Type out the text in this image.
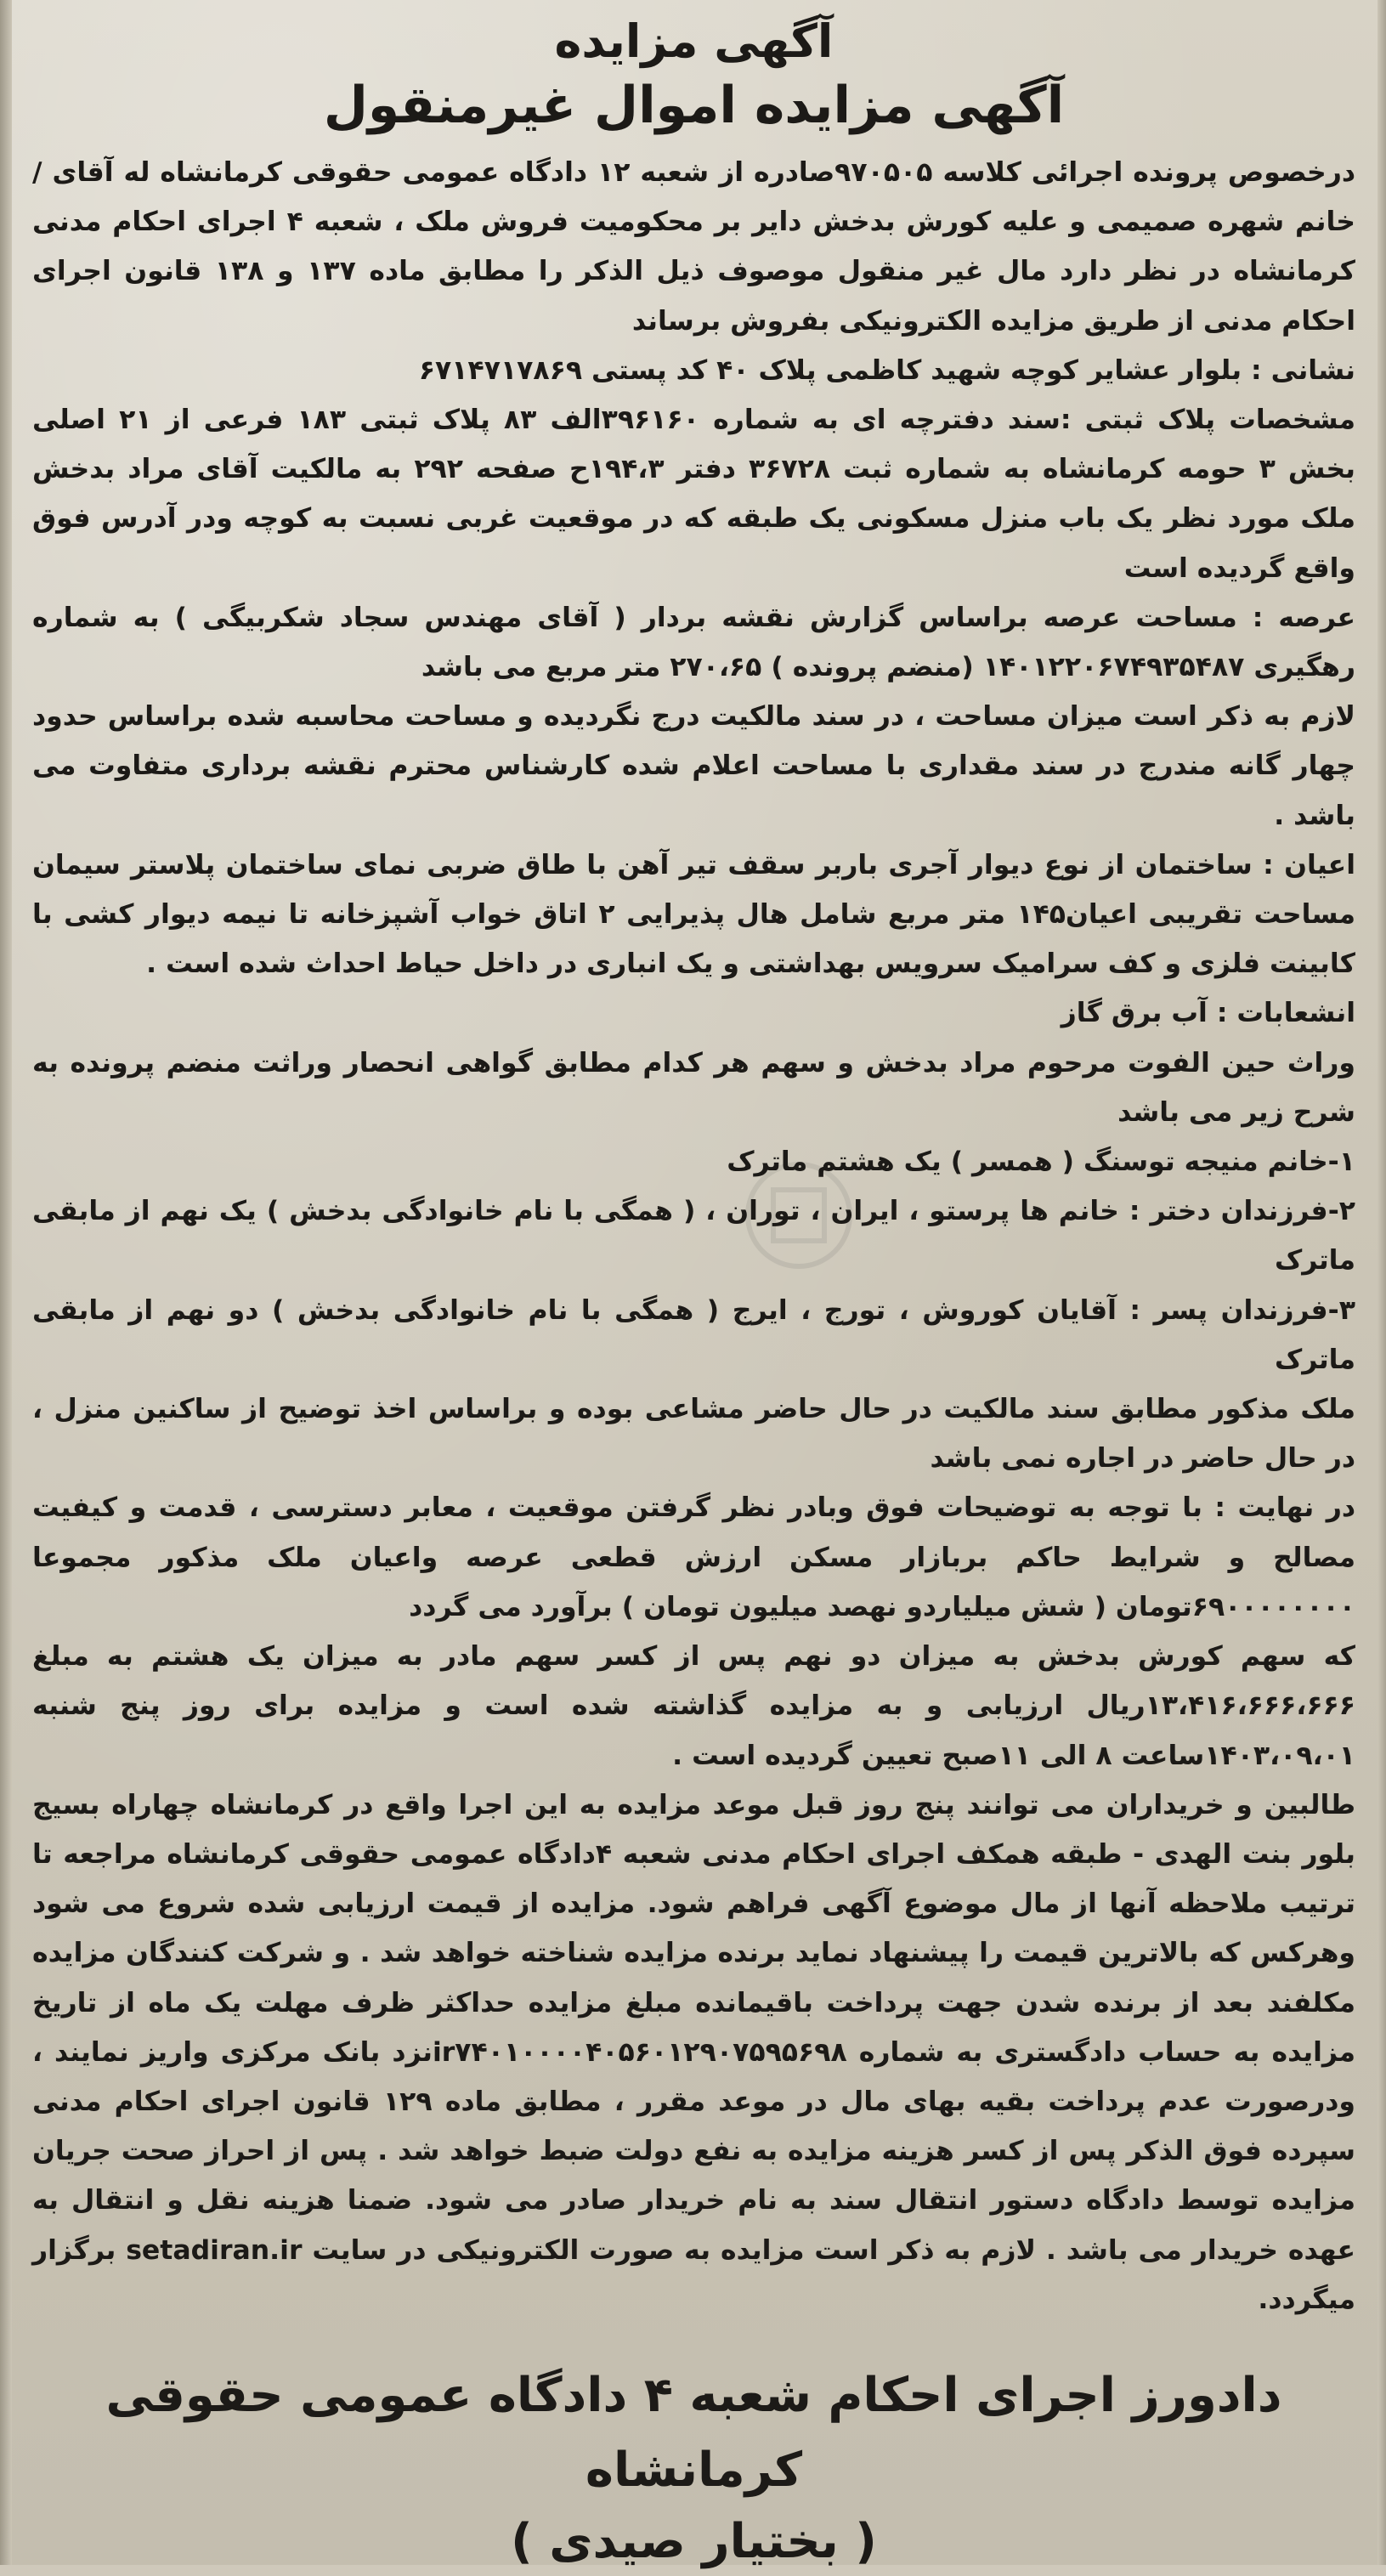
آگهی مزایده
آگهی مزایده اموال غیرمنقول

درخصوص پرونده اجرائی کلاسه ۹۷۰۵۰۵صادره از شعبه ۱۲ دادگاه عمومی حقوقی کرمانشاه له آقای / خانم شهره صمیمی و علیه کورش بدخش دایر بر محکومیت فروش ملک ، شعبه ۴ اجرای احکام مدنی کرمانشاه در نظر دارد مال غیر منقول موصوف ذیل الذکر را مطابق ماده ۱۳۷ و ۱۳۸ قانون اجرای احکام مدنی از طریق مزایده الکترونیکی بفروش برساند

نشانی : بلوار عشایر کوچه شهید کاظمی پلاک ۴۰ کد پستی ۶۷۱۴۷۱۷۸۶۹

مشخصات پلاک ثبتی :سند دفترچه ای به شماره ۳۹۶۱۶۰الف ۸۳ پلاک ثبتی ۱۸۳ فرعی از ۲۱ اصلی بخش ۳ حومه کرمانشاه به شماره ثبت ۳۶۷۲۸ دفتر ۱۹۴،۳ح صفحه ۲۹۲ به مالکیت آقای مراد بدخش ملک مورد نظر یک باب منزل مسکونی یک طبقه که در موقعیت غربی نسبت به کوچه ودر آدرس فوق واقع گردیده است

عرصه : مساحت عرصه براساس گزارش نقشه بردار ( آقای مهندس سجاد شکربیگی ) به شماره رهگیری ۱۴۰۱۲۲۰۶۷۴۹۳۵۴۸۷ (منضم پرونده ) ۲۷۰،۶۵ متر مربع می باشد

لازم به ذکر است میزان مساحت ، در سند مالکیت درج نگردیده و مساحت محاسبه شده براساس حدود چهار گانه مندرج در سند مقداری با مساحت اعلام شده کارشناس محترم نقشه برداری متفاوت می باشد .

اعیان : ساختمان از نوع دیوار آجری باربر سقف تیر آهن با طاق ضربی نمای ساختمان پلاستر سیمان مساحت تقریبی اعیان۱۴۵ متر مربع شامل هال پذیرایی ۲ اتاق خواب آشپزخانه تا نیمه دیوار کشی با کابینت فلزی و کف سرامیک سرویس بهداشتی و یک انباری در داخل حیاط احداث شده است .

انشعابات : آب برق گاز

وراث حین الفوت مرحوم مراد بدخش و سهم هر کدام مطابق گواهی انحصار وراثت منضم پرونده به شرح زیر می باشد

۱-خانم منیجه توسنگ ( همسر ) یک هشتم ماترک

۲-فرزندان دختر : خانم ها پرستو ، ایران ، توران ، ( همگی با نام خانوادگی بدخش ) یک نهم از مابقی ماترک

۳-فرزندان پسر : آقایان کوروش ، تورج ، ایرج ( همگی با نام خانوادگی بدخش ) دو نهم از مابقی ماترک

ملک مذکور مطابق سند مالکیت در حال حاضر مشاعی بوده و براساس اخذ توضیح از ساکنین منزل ، در حال حاضر در اجاره نمی باشد

در نهایت : با توجه به توضیحات فوق وبادر نظر گرفتن موقعیت ، معابر دسترسی ، قدمت و کیفیت مصالح و شرایط حاکم بربازار مسکن ارزش قطعی عرصه واعیان ملک مذکور مجموعا ۶۹۰۰۰۰۰۰۰۰تومان ( شش میلیاردو نهصد میلیون تومان ) برآورد می گردد

که سهم کورش بدخش به میزان دو نهم پس از کسر سهم مادر به میزان یک هشتم به مبلغ ۱۳،۴۱۶،۶۶۶،۶۶۶ریال ارزیابی و به مزایده گذاشته شده است و مزایده برای روز پنج شنبه ۱۴۰۳،۰۹،۰۱ساعت ۸ الی ۱۱صبح تعیین گردیده است .

طالبین و خریداران می توانند پنج روز قبل موعد مزایده به این اجرا واقع در کرمانشاه چهاراه بسیج بلور بنت الهدی - طبقه همکف اجرای احکام مدنی شعبه ۴دادگاه عمومی حقوقی کرمانشاه مراجعه تا ترتیب ملاحظه آنها از مال موضوع آگهی فراهم شود. مزایده از قیمت ارزیابی شده شروع می شود وهرکس که بالاترین قیمت را پیشنهاد نماید برنده مزایده شناخته خواهد شد . و شرکت کنندگان مزایده مکلفند بعد از برنده شدن جهت پرداخت باقیمانده مبلغ مزایده حداکثر ظرف مهلت یک ماه از تاریخ مزایده به حساب دادگستری به شماره ir۷۴۰۱۰۰۰۰۴۰۵۶۰۱۲۹۰۷۵۹۵۶۹۸نزد بانک مرکزی واریز نمایند ، ودرصورت عدم پرداخت بقیه بهای مال در موعد مقرر ، مطابق ماده ۱۲۹ قانون اجرای احکام مدنی سپرده فوق الذکر پس از کسر هزینه مزایده به نفع دولت ضبط خواهد شد . پس از احراز صحت جریان مزایده توسط دادگاه دستور انتقال سند به نام خریدار صادر می شود. ضمنا هزینه نقل و انتقال به عهده خریدار می باشد . لازم به ذکر است مزایده به صورت الکترونیکی در سایت setadiran.ir برگزار میگردد.

دادورز اجرای احکام شعبه ۴ دادگاه عمومی حقوقی کرمانشاه
( بختیار صیدی )
